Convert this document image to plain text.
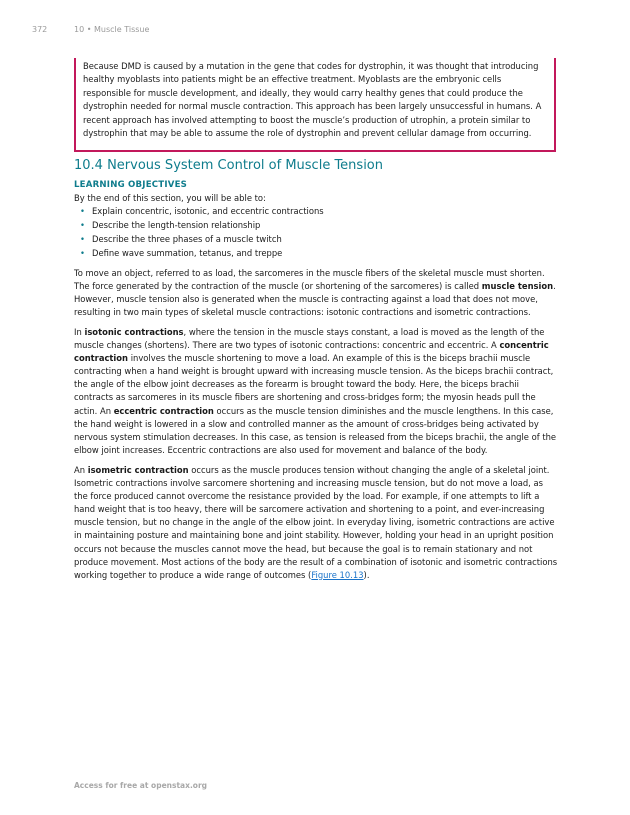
372	10 • Muscle Tissue
Because DMD is caused by a mutation in the gene that codes for dystrophin, it was thought that introducing healthy myoblasts into patients might be an effective treatment. Myoblasts are the embryonic cells responsible for muscle development, and ideally, they would carry healthy genes that could produce the dystrophin needed for normal muscle contraction. This approach has been largely unsuccessful in humans. A recent approach has involved attempting to boost the muscle’s production of utrophin, a protein similar to dystrophin that may be able to assume the role of dystrophin and prevent cellular damage from occurring.
10.4 Nervous System Control of Muscle Tension
LEARNING OBJECTIVES
By the end of this section, you will be able to:
• Explain concentric, isotonic, and eccentric contractions
• Describe the length-tension relationship
• Describe the three phases of a muscle twitch
• Define wave summation, tetanus, and treppe

To move an object, referred to as load, the sarcomeres in the muscle fibers of the skeletal muscle must shorten. The force generated by the contraction of the muscle (or shortening of the sarcomeres) is called muscle tension. However, muscle tension also is generated when the muscle is contracting against a load that does not move, resulting in two main types of skeletal muscle contractions: isotonic contractions and isometric contractions.

In isotonic contractions, where the tension in the muscle stays constant, a load is moved as the length of the muscle changes (shortens). There are two types of isotonic contractions: concentric and eccentric. A concentric contraction involves the muscle shortening to move a load. An example of this is the biceps brachii muscle contracting when a hand weight is brought upward with increasing muscle tension. As the biceps brachii contract, the angle of the elbow joint decreases as the forearm is brought toward the body. Here, the biceps brachii contracts as sarcomeres in its muscle fibers are shortening and cross-bridges form; the myosin heads pull the actin. An eccentric contraction occurs as the muscle tension diminishes and the muscle lengthens. In this case, the hand weight is lowered in a slow and controlled manner as the amount of cross-bridges being activated by nervous system stimulation decreases. In this case, as tension is released from the biceps brachii, the angle of the elbow joint increases. Eccentric contractions are also used for movement and balance of the body.

An isometric contraction occurs as the muscle produces tension without changing the angle of a skeletal joint. Isometric contractions involve sarcomere shortening and increasing muscle tension, but do not move a load, as the force produced cannot overcome the resistance provided by the load. For example, if one attempts to lift a hand weight that is too heavy, there will be sarcomere activation and shortening to a point, and ever-increasing muscle tension, but no change in the angle of the elbow joint. In everyday living, isometric contractions are active in maintaining posture and maintaining bone and joint stability. However, holding your head in an upright position occurs not because the muscles cannot move the head, but because the goal is to remain stationary and not produce movement. Most actions of the body are the result of a combination of isotonic and isometric contractions working together to produce a wide range of outcomes (Figure 10.13).

Access for free at openstax.org
